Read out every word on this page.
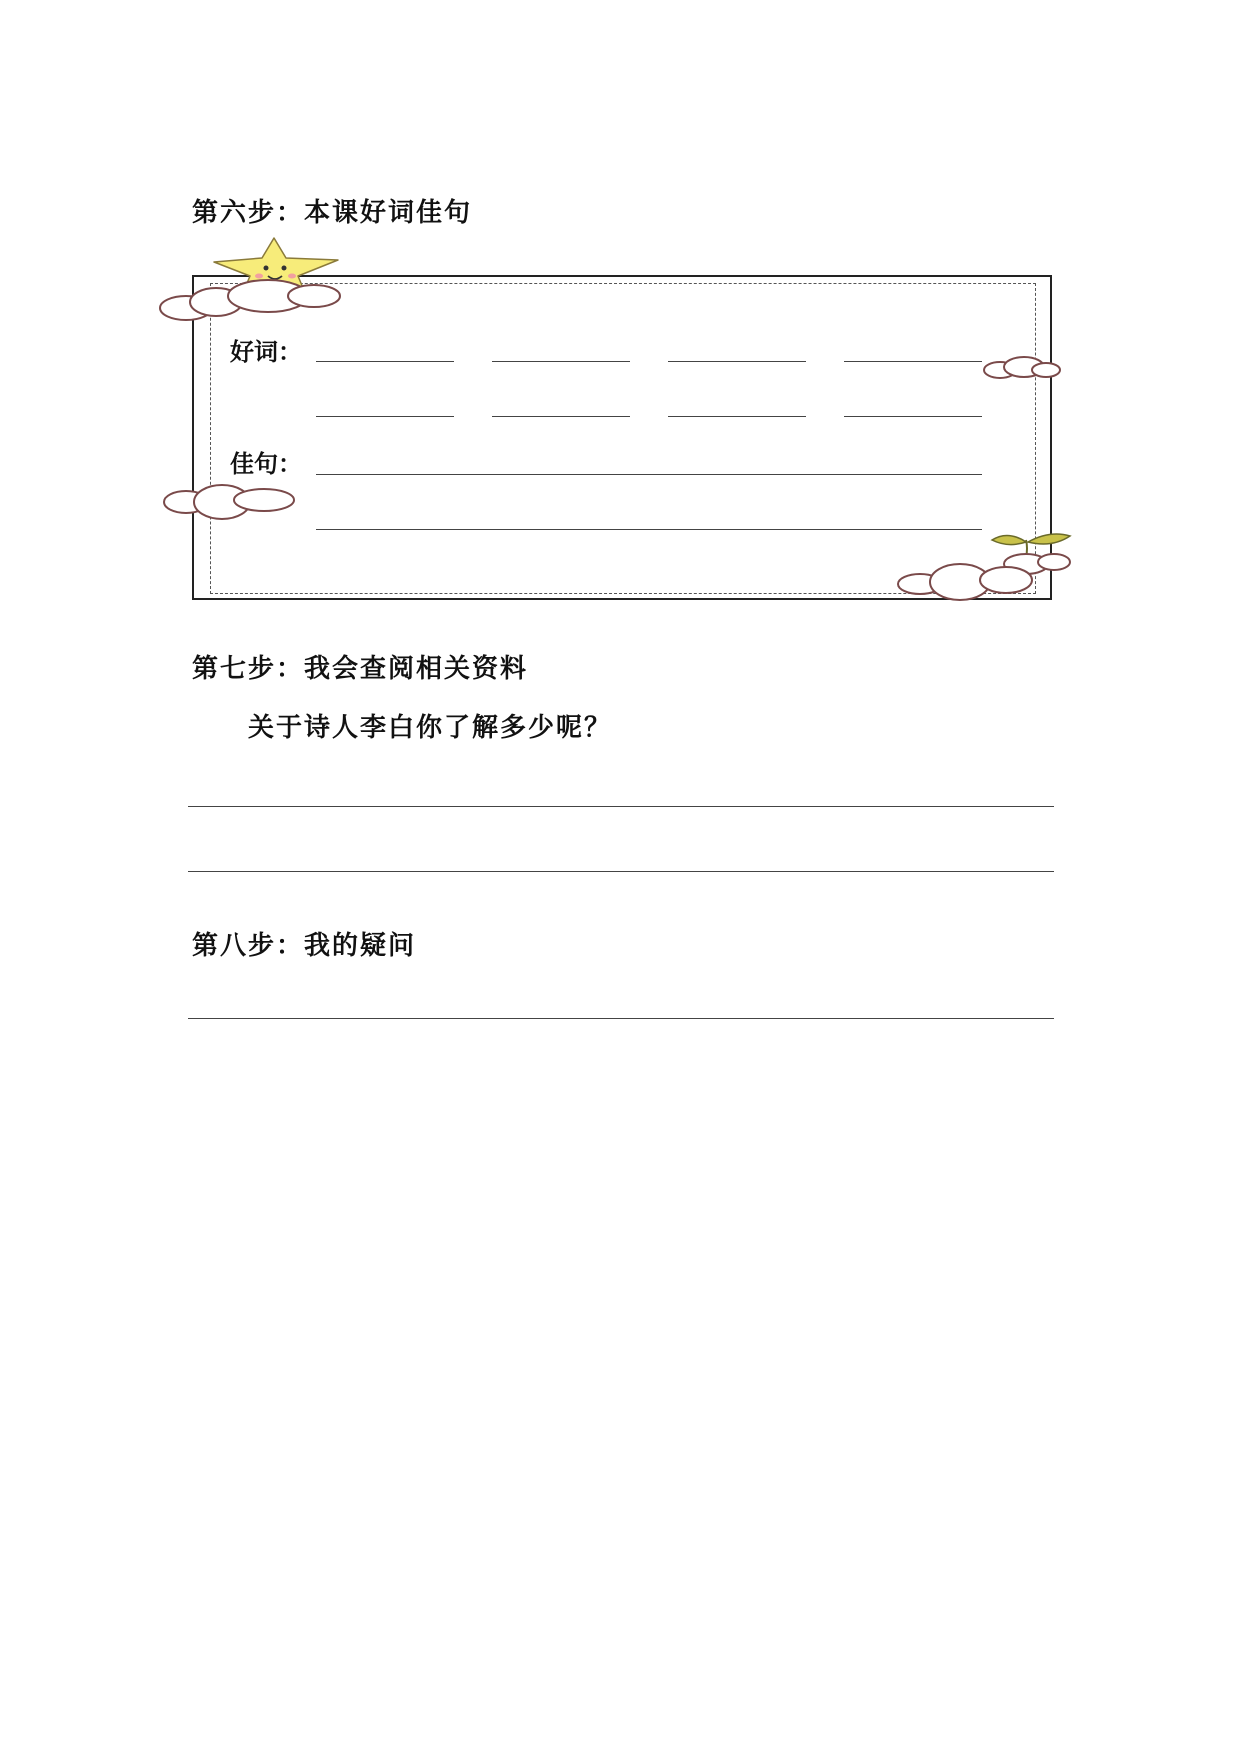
第六步：本课好词佳句
好词：
佳句：
第七步：我会查阅相关资料
关于诗人李白你了解多少呢？
第八步：我的疑问
